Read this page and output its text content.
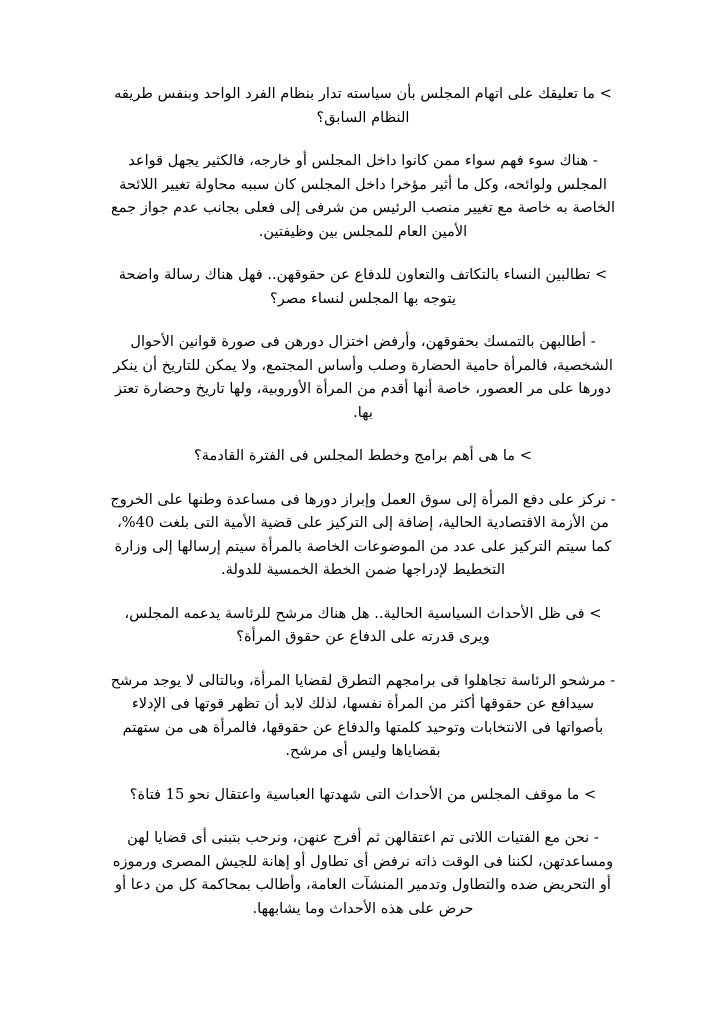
> ما تعليقك على اتهام المجلس بأن سياسته تدار بنظام الفرد الواحد وبنفس طريقه النظام السابق؟

- هناك سوء فهم سواء ممن كانوا داخل المجلس أو خارجه، فالكثير يجهل قواعد المجلس ولوائحه، وكل ما أثير مؤخرا داخل المجلس كان سببه محاولة تغيير اللائحة الخاصة به خاصة مع تغيير منصب الرئيس من شرفى إلى فعلى بجانب عدم جواز جمع الأمين العام للمجلس بين وظيفتين.

> تطالبين النساء بالتكاتف والتعاون للدفاع عن حقوقهن.. فهل هناك رسالة واضحة يتوجه بها المجلس لنساء مصر؟

- أطالبهن بالتمسك بحقوقهن، وأرفض اختزال دورهن فى صورة قوانين الأحوال الشخصية، فالمرأة حامية الحضارة وصلب وأساس المجتمع، ولا يمكن للتاريخ أن ينكر دورها على مر العصور، خاصة أنها أقدم من المرأة الأوروبية، ولها تاريخ وحضارة تعتز بها.

> ما هى أهم برامج وخطط المجلس فى الفترة القادمة؟

- نركز على دفع المرأة إلى سوق العمل وإبراز دورها فى مساعدة وطنها على الخروج من الأزمة الاقتصادية الحالية، إضافة إلى التركيز على قضية الأمية التى بلغت 40%، كما سيتم التركيز على عدد من الموضوعات الخاصة بالمرأة سيتم إرسالها إلى وزارة التخطيط لإدراجها ضمن الخطة الخمسية للدولة.

> فى ظل الأحداث السياسية الحالية.. هل هناك مرشح للرئاسة يدعمه المجلس، ويرى قدرته على الدفاع عن حقوق المرأة؟

- مرشحو الرئاسة تجاهلوا فى برامجهم التطرق لقضايا المرأة، وبالتالى لا يوجد مرشح سيدافع عن حقوقها أكثر من المرأة نفسها، لذلك لابد أن تظهر قوتها فى الإدلاء بأصواتها فى الانتخابات وتوحيد كلمتها والدفاع عن حقوقها، فالمرأة هى من ستهتم بقضاياها وليس أى مرشح.

> ما موقف المجلس من الأحداث التى شهدتها العباسية واعتقال نحو 15 فتاة؟

- نحن مع الفتيات اللاتى تم اعتقالهن ثم أفرج عنهن، ونرحب بتبنى أى قضايا لهن ومساعدتهن، لكننا فى الوقت ذاته نرفض أى تطاول أو إهانة للجيش المصرى ورموزه أو التحريض ضده والتطاول وتدمير المنشآت العامة، وأطالب بمحاكمة كل من دعا أو حرض على هذه الأحداث وما يشابهها.
